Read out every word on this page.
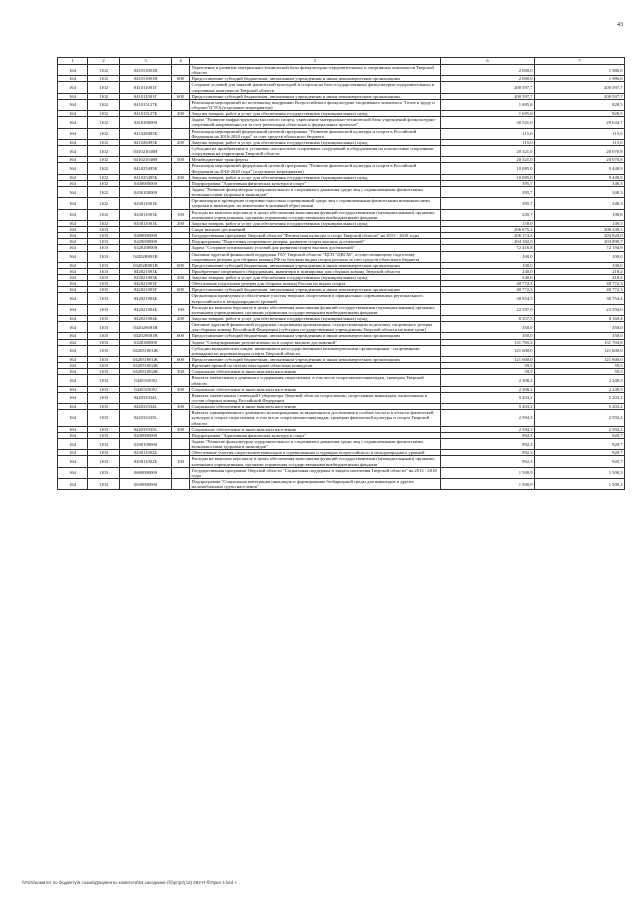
43
1	2	3	4	5	6	7
164	1102	041011001В		Укрепление и развитие материально-технической базы физкультурно-оздоровительных и спортивных комплексов Тверской области	2 000,0	1 986,0
164	1102	041011001В	600	Предоставление субсидий бюджетным, автономным учреждениям и иным некоммерческим организациям	2 000,0	1 986,0
164	1102	041011001Г		Создание условий для занятий физической культурой и спортом на базе государственных физкультурно-оздоровительных и спортивных комплексов Тверской области	200 597,7	200 597,7
164	1102	041011001Г	600	Предоставление субсидий бюджетным, автономным учреждениям и иным некоммерческим организациям	200 597,7	200 597,7
164	1102	041015127Б		Реализация мероприятий по поэтапному внедрению Всероссийского физкультурно-спортивного комплекса "Готов к труду и обороне"(ГТО) (отдельные мероприятия)	1 695,6	828,5
164	1102	041015127Б	200	Закупка товаров, работ и услуг для обеспечения государственных (муниципальных) нужд	1 695,6	828,5
164	1102	0410200000		Задача "Развитие инфраструктуры массового спорта, укрепление материально-технической базы учреждений физкультурно-спортивной направленности за счет реализации областных и федеральных проектов"	30 521,0	29 634,7
164	1102	041028495Б		Реализация мероприятий федеральной целевой программы "Развитие физической культуры и спорта в Российской Федерации на 2016-2020 годы" за счет средств областного бюджета	115,0	115,0
164	1102	041028495Б	200	Закупка товаров, работ и услуг для обеспечения государственных (муниципальных) нужд	115,0	115,0
164	1102	041021040Н		Субсидии на приобретение и установку плоскостных спортивных сооружений и оборудования на плоскостные спортивные сооружения на территории Тверской области	20 321,0	20 070,8
164	1102	041021040Н	500	Межбюджетные трансферты	20 321,0	20 070,8
164	1102	041025495Б		Реализация мероприятий федеральной целевой программы "Развитие физической культуры и спорта в Российской Федерации на 2016-2020 годы" (отдельные мероприятия)	10 085,0	9 448,9
164	1102	041025495Б	200	Закупка товаров, работ и услуг для обеспечения государственных (муниципальных) нужд	10 085,0	9 448,9
164	1102	0430000000		Подпрограмма "Адаптивная физическая культура и спорт"	395,7	348,3
164	1102	0430100000		Задача "Развитие физкультурно-оздоровительного и спортивного движения среди лиц с ограниченными физическими возможностями здоровья и инвалидов"	395,7	348,3
164	1102	043011001Б		Организация и проведение спортивно-массовых соревнований среди лиц с ограниченными физическими возможностями здоровья и инвалидов, их вовлечение в активный образ жизни	395,7	348,3
164	1102	043011001Б	100	Расходы на выплаты персоналу в целях обеспечения выполнения функций государственными (муниципальными) органами, казенными учреждениями, органами управления государственными внебюджетными фондами	245,7	198,8
164	1102	043011001Б	200	Закупка товаров, работ и услуг для обеспечения государственных (муниципальных) нужд	150,0	149,5
164	1103			Спорт высших достижений	206 675,2	206 230,3
164	1103	0400000000		Государственная программа Тверской области "Физическая культура и спорт Тверской области" на 2013 - 2018 годы	206 174,3	204 820,0
164	1103	0420000000		Подпрограмма "Подготовка спортивного резерва, развитие спорта высших достижений"	204 182,0	203 899,7
164	1103	0420200000		Задача "Создание оптимальных условий для развития спорта высших достижений"	72 416,8	72 194,9
164	1103	04202R081В		Оказание адресной финансовой поддержки ГБУ Тверской области "ЦСП "ЦВСМ", осуществляющему подготовку спортивного резерва для сборных команд РФ по базовым видам спорта региона за счет средств областного бюджета	100,0	100,0
164	1103	04202R081В	600	Предоставление субсидий бюджетным, автономным учреждениям и иным некоммерческим организациям	100,0	100,0
164	1103	042021003Б		Приобретение спортивного оборудования, инвентаря и экипировки для сборных команд Тверской области	240,0	218,2
164	1103	042021003Б	200	Закупка товаров, работ и услуг для обеспечения государственных (муниципальных) нужд	240,0	218,2
164	1103	042021003Г		Обеспечение подготовки резерва для сборных команд России по видам спорта	40 772,3	40 772,3
164	1103	042021003Г	600	Предоставление субсидий бюджетным, автономным учреждениям и иным некоммерческим организациям	40 772,3	40 772,3
164	1103	042021004Б		Организация проведения и обеспечение участия тверских спортсменов в официальных соревнованиях регионального, всероссийского и международного уровней	30 954,5	30 754,4
164	1103	042021004Б	100	Расходы на выплаты персоналу в целях обеспечения выполнения функций государственными (муниципальными) органами, казенными учреждениями, органами управления государственными внебюджетными фондами	22 597,0	22 594,0
164	1103	042021004Б	200	Закупка товаров, работ и услуг для обеспечения государственных (муниципальных) нужд	8 357,5	8 160,4
164	1103	04202S081В		Оказание адресной финансовой поддержки спортивным организациям, осуществляющим подготовку спортивного резерва для сборных команд Российской Федерации (субсидии государственным учреждениям Тверской области на иные цели)	350,0	350,0
164	1103	04202S081В	600	Предоставление субсидий бюджетным, автономным учреждениям и иным некоммерческим организациям	350,0	350,0
164	1103	0420300000		Задача "Стимулирование результативности в спорте высших достижений"	131 765,2	131 704,8
164	1103	042031001Ж		Субсидии юридическим лицам, являющимся негосударственными некоммерческими организациями - спортивными командами по игровым видам спорта Тверской области	121 600,0	121 600,0
164	1103	042031001Ж	600	Предоставление субсидий бюджетным, автономным учреждениям и иным некоммерческим организациям	121 600,0	121 600,0
164	1103	042031002Ж		Вручение премий по итогам ежегодных областных конкурсов	59,5	59,5
164	1103	042031002Ж	300	Социальное обеспечение и иные выплаты населению	59,5	59,5
164	1103	042031005J		Выплата ежемесячного денежного содержания спортсменам, в том числе спортсменам-инвалидам, тренерам Тверской области	2 308,2	2 249,5
164	1103	042031005J	300	Социальное обеспечение и иные выплаты населению	2 308,2	2 249,5
164	1103	042031034L		Выплата ежемесячных стипендий Губернатора Тверской области спортсменам, спортсменам-инвалидам, включенным в состав сборных команд Российской Федерации	5 203,2	5 203,2
164	1103	042031034L	300	Социальное обеспечение и иные выплаты населению	5 203,2	5 203,2
164	1103	042031035L		Выплата единовременного денежного вознаграждения за выдающиеся достижения и особые заслуги в области физической культуры и спорта спортсменам, в том числе спортсменам-инвалидам, тренерам физической культуры и спорта Тверской области	2 594,3	2 592,2
164	1103	042031035L	300	Социальное обеспечение и иные выплаты населению	2 594,3	2 592,2
164	1103	0430000000		Подпрограмма "Адаптивная физическая культура и спорт"	992,3	920,7
164	1103	0430100000		Задача "Развитие физкультурно-оздоровительного и спортивного движения среди лиц с ограниченными физическими возможностями здоровья и инвалидов"	992,3	920,7
164	1103	043011002Б		Обеспечение участия спортсменов-инвалидов в соревнованиях и турнирах всероссийского и международного уровней	992,3	920,7
164	1103	043011002Б	100	Расходы на выплаты персоналу в целях обеспечения выполнения функций государственными (муниципальными) органами, казенными учреждениями, органами управления государственными внебюджетными фондами	992,3	920,7
164	1103	0600000000		Государственная программа Тверской области "Социальная поддержка и защита населения Тверской области" на 2013 - 2018 годы	1 500,9	1 500,3
164	1103	0630000000		Подпрограмма "Социальная интеграция инвалидов и формирование безбарьерной среды для инвалидов и других маломобильных групп населения"	1 500,9	1 500,3
\\Fs01\комитет по бюджету\6 созыв\Документы комитета\53 заседание (б)\рг\рг\(13) 282-П-б\Прил 4 bed +
